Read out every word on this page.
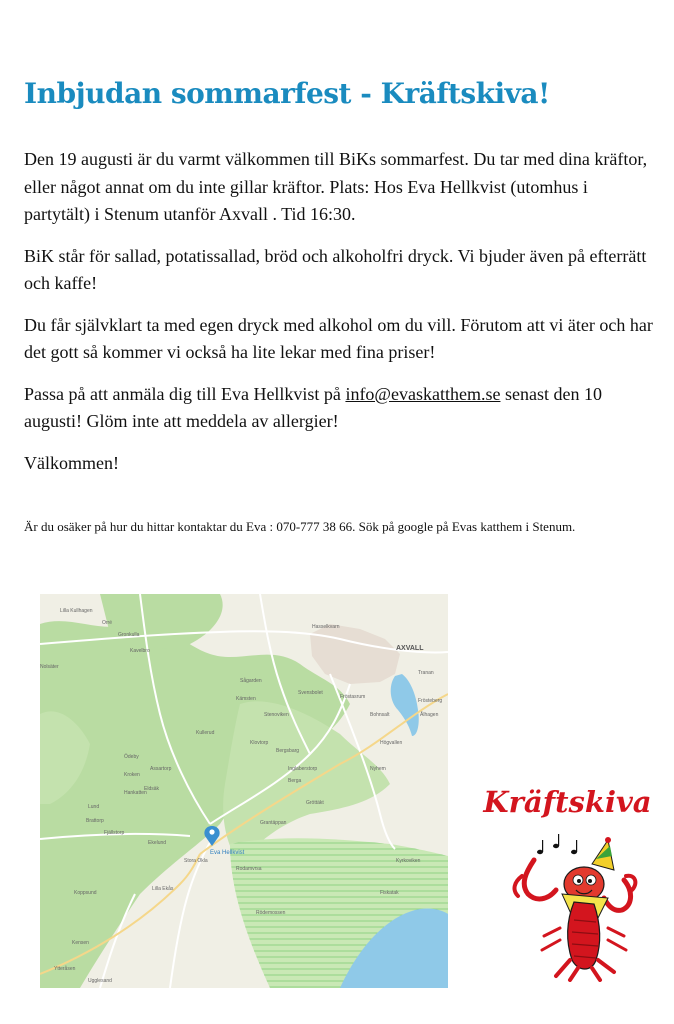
Inbjudan sommarfest - Kräftskiva!

Den 19 augusti är du varmt välkommen till BiKs sommarfest. Du tar med dina kräftor, eller något annat om du inte gillar kräftor. Plats: Hos Eva Hellkvist (utomhus i partytält) i Stenum utanför Axvall . Tid 16:30.

BiK står för sallad, potatissallad, bröd och alkoholfri dryck. Vi bjuder även på efterrätt och kaffe!

Du får självklart ta med egen dryck med alkohol om du vill. Förutom att vi äter och har det gott så kommer vi också ha lite lekar med fina priser!

Passa på att anmäla dig till Eva Hellkvist på info@evaskatthem.se senast den 10 augusti! Glöm inte att meddela av allergier!

Välkommen!

Är du osäker på hur du hittar kontaktar du Eva : 070-777 38 66. Sök på google på Evas katthem i Stenum.

Eva Hellkvist
AXVALL
Lilla Kullhagen
Orré
Gronkulla
Kavelbro
Nolsäter
Sågarden
Hasselkvarn
Kämsten
Svensbolet
Stenoviken
Kullerud
Klovtorp
Ödeby
Kroken
Assartorp
Hankatten
Berga
Bergsbarg
Inglaberstorp
Gröttäkt
Eldsäk
Lund
Brattorp
Fjällstorp
Ekelund
Stora Okla
Rodamvrsa
Grantäppan
Lilla Ekås
Koppsund
Kensen
Ytteråsen
Ugglesand
Rödemossen
Fröstasrum
Bohnsalt
Tranan
Frösteberg
Ålhagen
Högvallen
Nyhem
Fiskatak
Kyrkoviken
Kräftskiva
